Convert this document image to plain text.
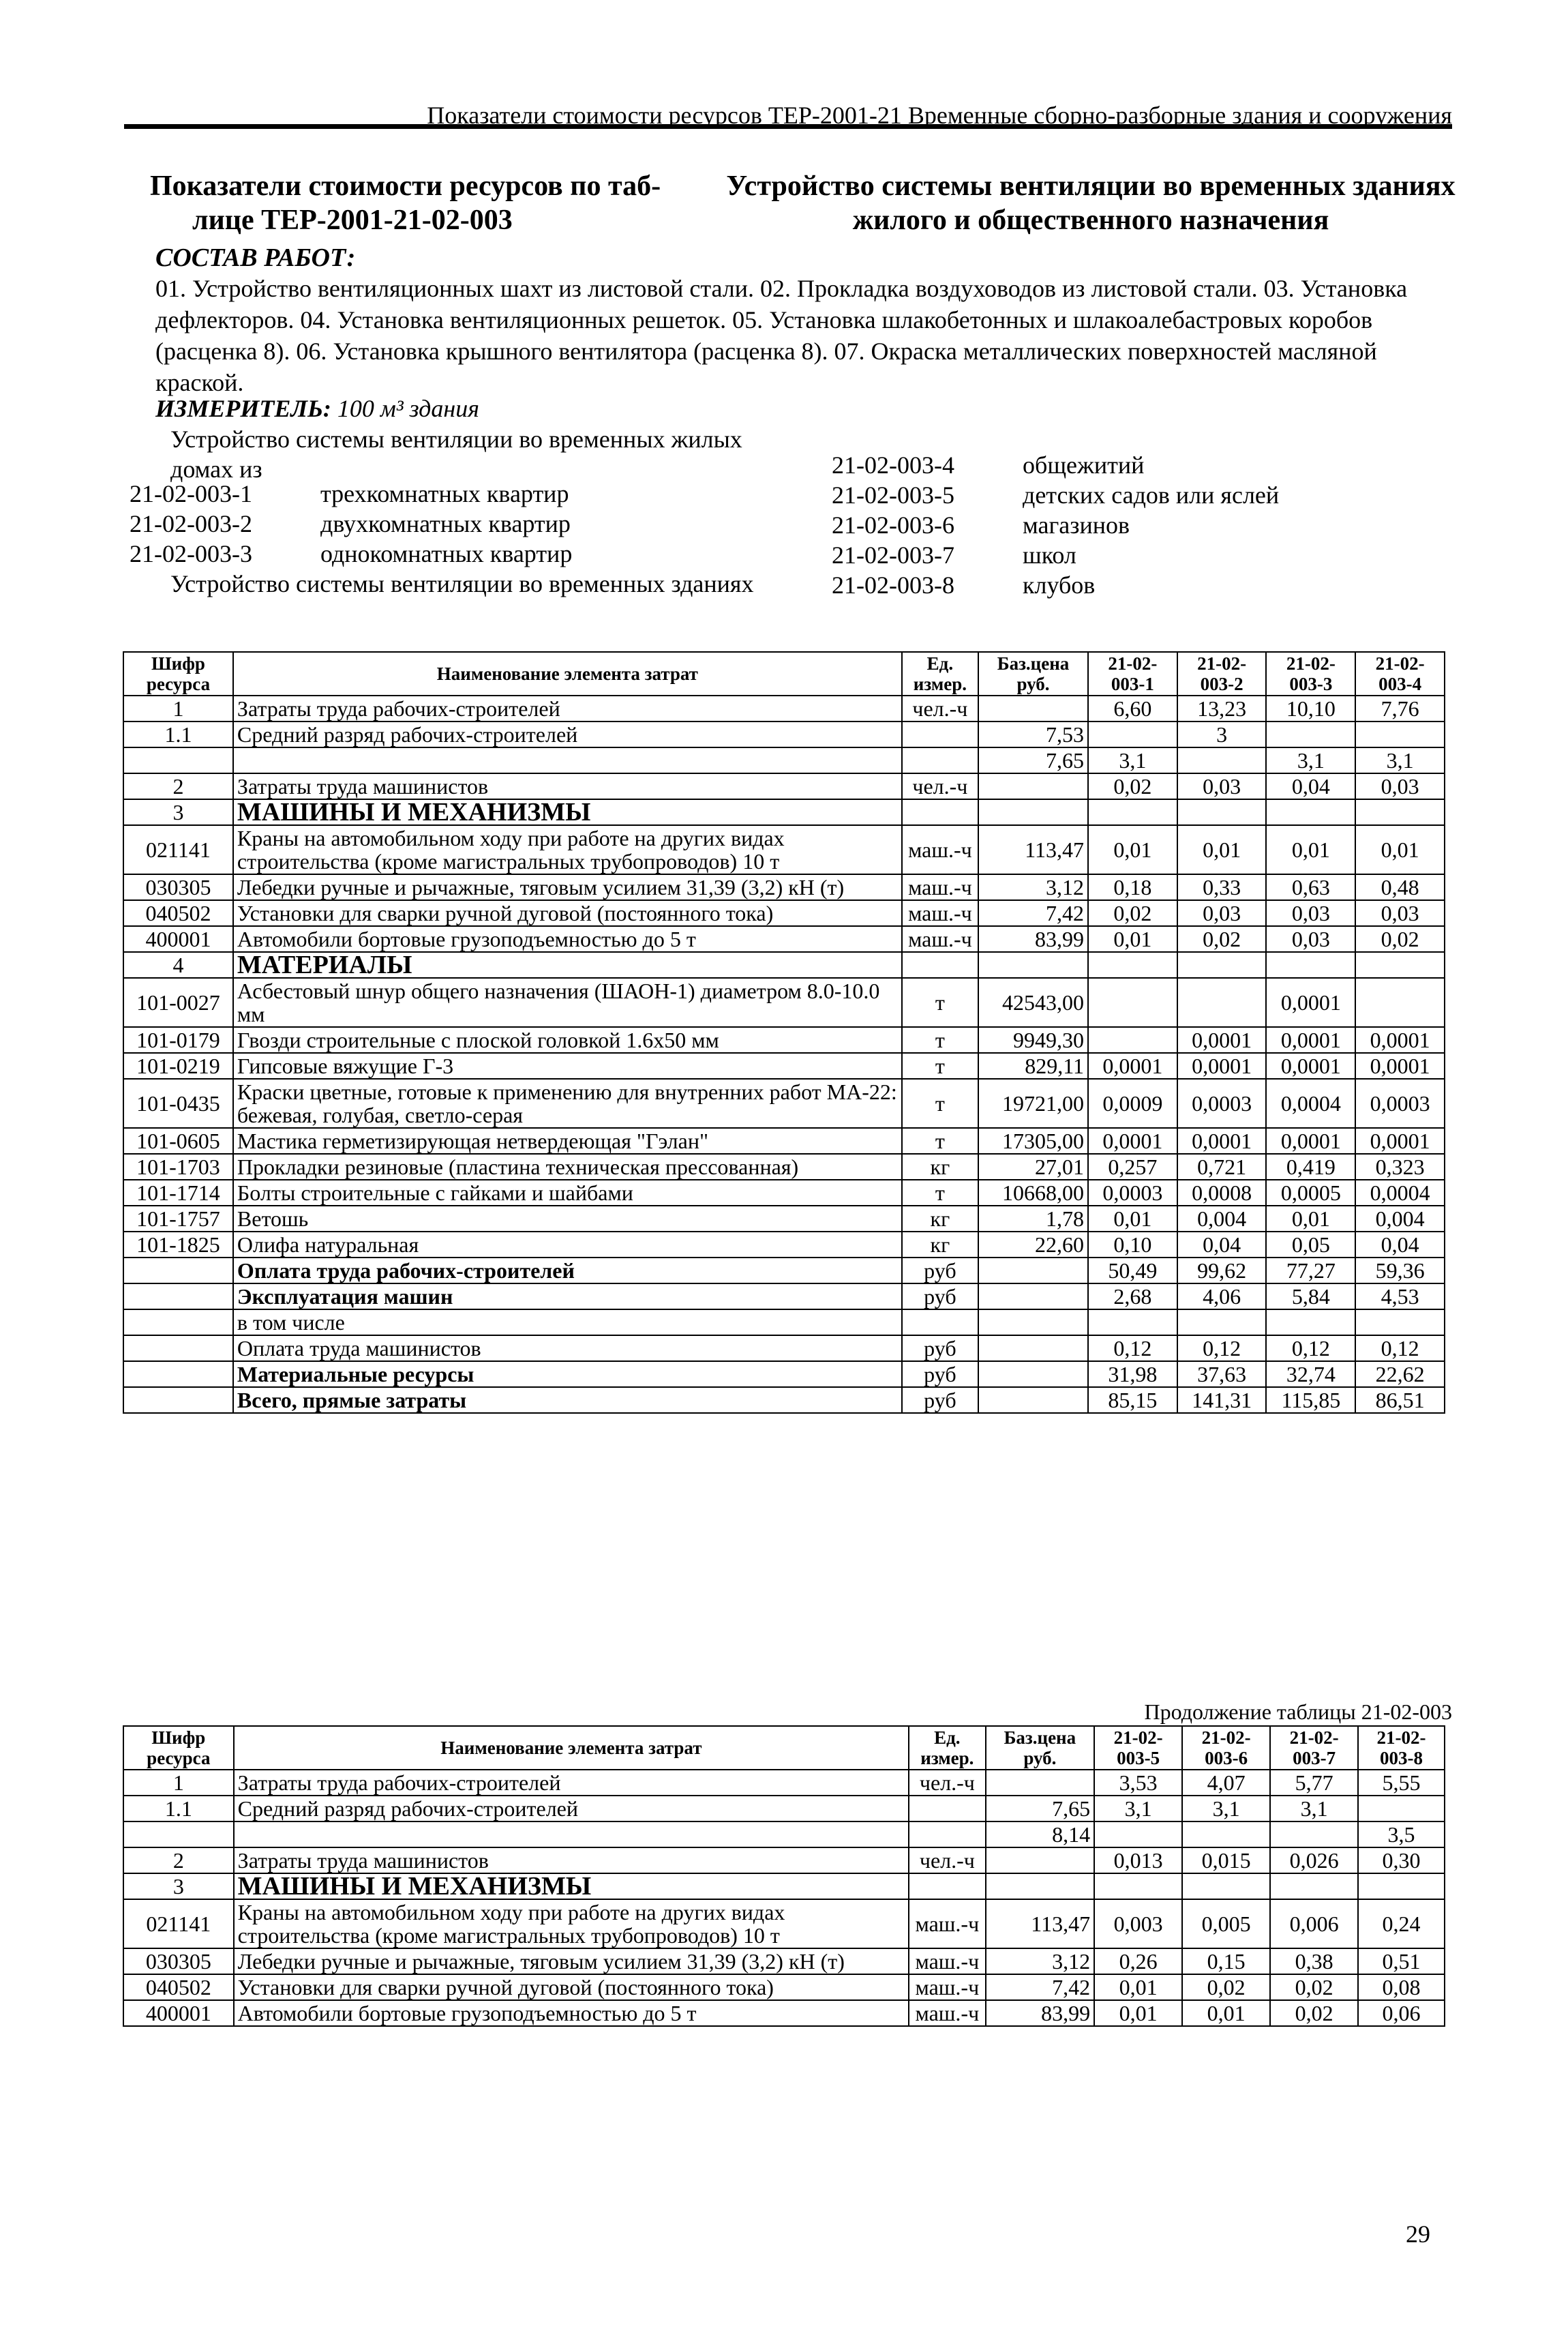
Показатели стоимости ресурсов ТЕР-2001-21 Временные сборно-разборные здания и сооружения
Показатели стоимости ресурсов по таб-
лице ТЕР-2001-21-02-003
Устройство системы вентиляции во временных зданиях
жилого и общественного назначения
СОСТАВ РАБОТ:
01. Устройство вентиляционных шахт из листовой стали. 02. Прокладка воздуховодов из листовой стали. 03. Установка дефлекторов. 04. Установка вентиляционных решеток. 05. Установка шлакобетонных и шлакоалебастровых коробов (расценка 8). 06. Установка крышного вентилятора (расценка 8). 07. Окраска металлических поверхностей масляной краской.
ИЗМЕРИТЕЛЬ: 100 м³ здания
Устройство системы вентиляции во временных жилых домах из
21-02-003-1	трехкомнатных квартир
21-02-003-2	двухкомнатных квартир
21-02-003-3	однокомнатных квартир
Устройство системы вентиляции во временных зданиях
21-02-003-4	общежитий
21-02-003-5	детских садов или яслей
21-02-003-6	магазинов
21-02-003-7	школ
21-02-003-8	клубов
Шифр ресурса	Наименование элемента затрат	Ед. измер.	Баз.цена руб.	21-02-003-1	21-02-003-2	21-02-003-3	21-02-003-4
1	Затраты труда рабочих-строителей	чел.-ч		6,60	13,23	10,10	7,76
1.1	Средний разряд рабочих-строителей		7,53		3		
			7,65	3,1		3,1	3,1
2	Затраты труда машинистов	чел.-ч		0,02	0,03	0,04	0,03
3	МАШИНЫ И МЕХАНИЗМЫ						
021141	Краны на автомобильном ходу при работе на других видах строительства (кроме магистральных трубопроводов) 10 т	маш.-ч	113,47	0,01	0,01	0,01	0,01
030305	Лебедки ручные и рычажные, тяговым усилием 31,39 (3,2) кН (т)	маш.-ч	3,12	0,18	0,33	0,63	0,48
040502	Установки для сварки ручной дуговой (постоянного тока)	маш.-ч	7,42	0,02	0,03	0,03	0,03
400001	Автомобили бортовые грузоподъемностью до 5 т	маш.-ч	83,99	0,01	0,02	0,03	0,02
4	МАТЕРИАЛЫ						
101-0027	Асбестовый шнур общего назначения (ШАОН-1) диаметром 8.0-10.0 мм	т	42543,00			0,0001	
101-0179	Гвозди строительные с плоской головкой 1.6х50 мм	т	9949,30		0,0001	0,0001	0,0001
101-0219	Гипсовые вяжущие Г-3	т	829,11	0,0001	0,0001	0,0001	0,0001
101-0435	Краски цветные, готовые к применению для внутренних работ МА-22: бежевая, голубая, светло-серая	т	19721,00	0,0009	0,0003	0,0004	0,0003
101-0605	Мастика герметизирующая нетвердеющая "Гэлан"	т	17305,00	0,0001	0,0001	0,0001	0,0001
101-1703	Прокладки резиновые (пластина техническая прессованная)	кг	27,01	0,257	0,721	0,419	0,323
101-1714	Болты строительные с гайками и шайбами	т	10668,00	0,0003	0,0008	0,0005	0,0004
101-1757	Ветошь	кг	1,78	0,01	0,004	0,01	0,004
101-1825	Олифа натуральная	кг	22,60	0,10	0,04	0,05	0,04
	Оплата труда рабочих-строителей	руб		50,49	99,62	77,27	59,36
	Эксплуатация машин	руб		2,68	4,06	5,84	4,53
	в том числе						
	Оплата труда машинистов	руб		0,12	0,12	0,12	0,12
	Материальные ресурсы	руб		31,98	37,63	32,74	22,62
	Всего, прямые затраты	руб		85,15	141,31	115,85	86,51
Продолжение таблицы 21-02-003
Шифр ресурса	Наименование элемента затрат	Ед. измер.	Баз.цена руб.	21-02-003-5	21-02-003-6	21-02-003-7	21-02-003-8
1	Затраты труда рабочих-строителей	чел.-ч		3,53	4,07	5,77	5,55
1.1	Средний разряд рабочих-строителей		7,65	3,1	3,1	3,1	
			8,14				3,5
2	Затраты труда машинистов	чел.-ч		0,013	0,015	0,026	0,30
3	МАШИНЫ И МЕХАНИЗМЫ						
021141	Краны на автомобильном ходу при работе на других видах строительства (кроме магистральных трубопроводов) 10 т	маш.-ч	113,47	0,003	0,005	0,006	0,24
030305	Лебедки ручные и рычажные, тяговым усилием 31,39 (3,2) кН (т)	маш.-ч	3,12	0,26	0,15	0,38	0,51
040502	Установки для сварки ручной дуговой (постоянного тока)	маш.-ч	7,42	0,01	0,02	0,02	0,08
400001	Автомобили бортовые грузоподъемностью до 5 т	маш.-ч	83,99	0,01	0,01	0,02	0,06
29
